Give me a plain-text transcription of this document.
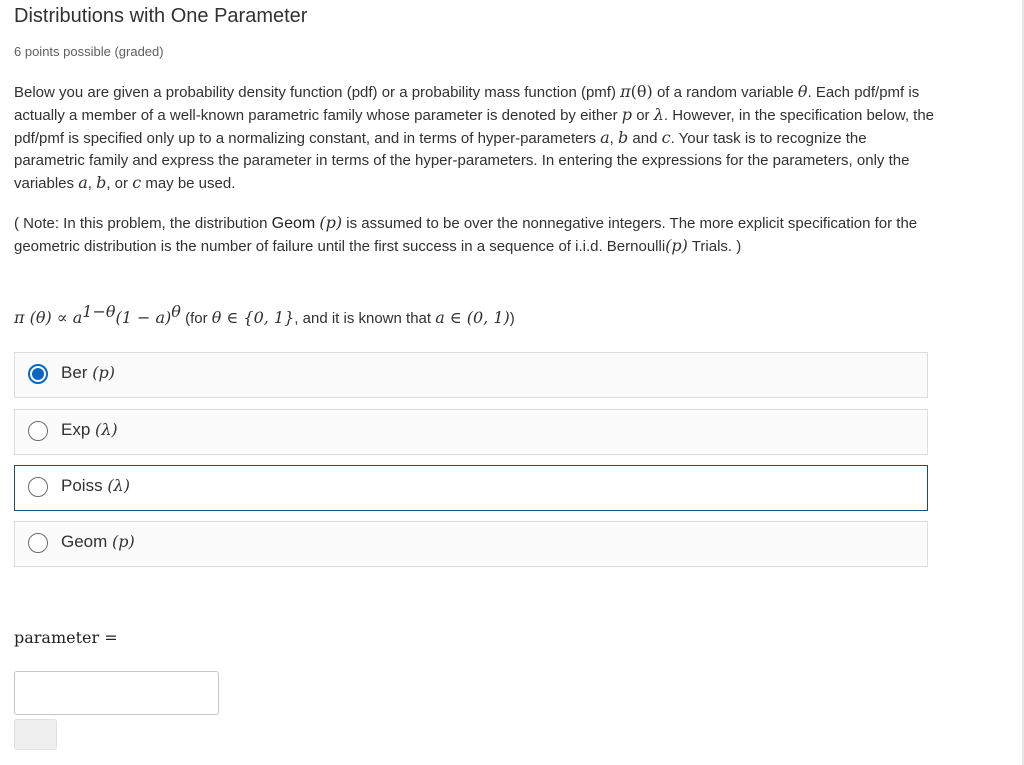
Distributions with One Parameter
6 points possible (graded)
Below you are given a probability density function (pdf) or a probability mass function (pmf) π(θ) of a random variable θ. Each pdf/pmf is actually a member of a well-known parametric family whose parameter is denoted by either p or λ. However, in the specification below, the pdf/pmf is specified only up to a normalizing constant, and in terms of hyper-parameters a, b and c. Your task is to recognize the parametric family and express the parameter in terms of the hyper-parameters. In entering the expressions for the parameters, only the variables a, b, or c may be used.
( Note: In this problem, the distribution Geom (p) is assumed to be over the nonnegative integers. The more explicit specification for the geometric distribution is the number of failure until the first success in a sequence of i.i.d. Bernoulli(p) Trials. )
π $(\theta) \propto a^{1-\theta}(1 - a)^\theta$ (for θ ∈ {0, 1}, and it is known that a ∈ (0, 1))
Ber (p)
Exp (λ)
Poiss (λ)
Geom (p)
parameter =
